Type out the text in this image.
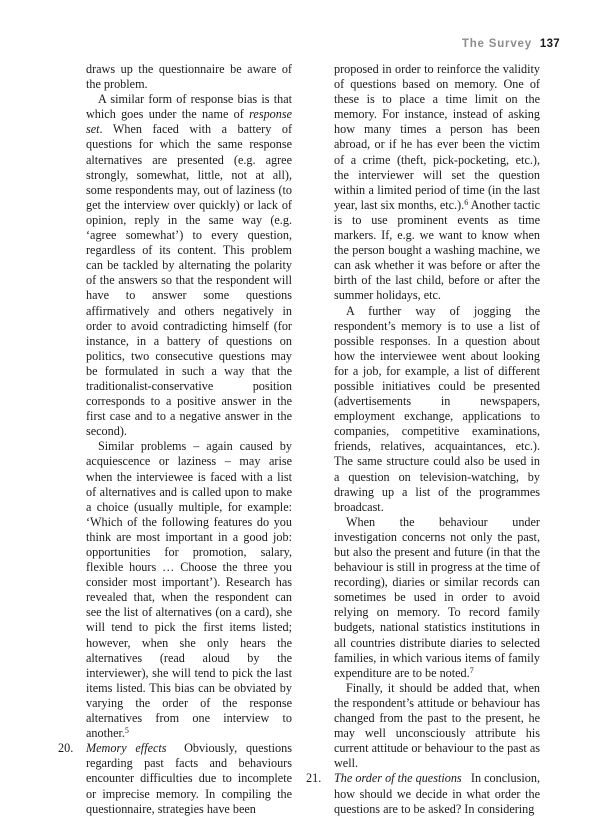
The Survey 137

draws up the questionnaire be aware of the problem.

A similar form of response bias is that which goes under the name of response set. When faced with a battery of questions for which the same response alternatives are presented (e.g. agree strongly, somewhat, little, not at all), some respondents may, out of laziness (to get the interview over quickly) or lack of opinion, reply in the same way (e.g. ‘agree somewhat’) to every question, regardless of its content. This problem can be tackled by alternating the polarity of the answers so that the respondent will have to answer some questions affirmatively and others negatively in order to avoid contradicting himself (for instance, in a battery of questions on politics, two consecutive questions may be formulated in such a way that the traditionalist-conservative position corresponds to a positive answer in the first case and to a negative answer in the second).

Similar problems – again caused by acquiescence or laziness – may arise when the interviewee is faced with a list of alternatives and is called upon to make a choice (usually multiple, for example: ‘Which of the following features do you think are most important in a good job: opportunities for promotion, salary, flexible hours … Choose the three you consider most important’). Research has revealed that, when the respondent can see the list of alternatives (on a card), she will tend to pick the first items listed; however, when she only hears the alternatives (read aloud by the interviewer), she will tend to pick the last items listed. This bias can be obviated by varying the order of the response alternatives from one interview to another.$^5$

20. Memory effects Obviously, questions regarding past facts and behaviours encounter difficulties due to incomplete or imprecise memory. In compiling the questionnaire, strategies have been

proposed in order to reinforce the validity of questions based on memory. One of these is to place a time limit on the memory. For instance, instead of asking how many times a person has been abroad, or if he has ever been the victim of a crime (theft, pick-pocketing, etc.), the interviewer will set the question within a limited period of time (in the last year, last six months, etc.).$^6$ Another tactic is to use prominent events as time markers. If, e.g. we want to know when the person bought a washing machine, we can ask whether it was before or after the birth of the last child, before or after the summer holidays, etc.

A further way of jogging the respondent’s memory is to use a list of possible responses. In a question about how the interviewee went about looking for a job, for example, a list of different possible initiatives could be presented (advertisements in newspapers, employment exchange, applications to companies, competitive examinations, friends, relatives, acquaintances, etc.). The same structure could also be used in a question on television-watching, by drawing up a list of the programmes broadcast.

When the behaviour under investigation concerns not only the past, but also the present and future (in that the behaviour is still in progress at the time of recording), diaries or similar records can sometimes be used in order to avoid relying on memory. To record family budgets, national statistics institutions in all countries distribute diaries to selected families, in which various items of family expenditure are to be noted.$^7$

Finally, it should be added that, when the respondent’s attitude or behaviour has changed from the past to the present, he may well unconsciously attribute his current attitude or behaviour to the past as well.

21. The order of the questions In conclusion, how should we decide in what order the questions are to be asked? In considering
